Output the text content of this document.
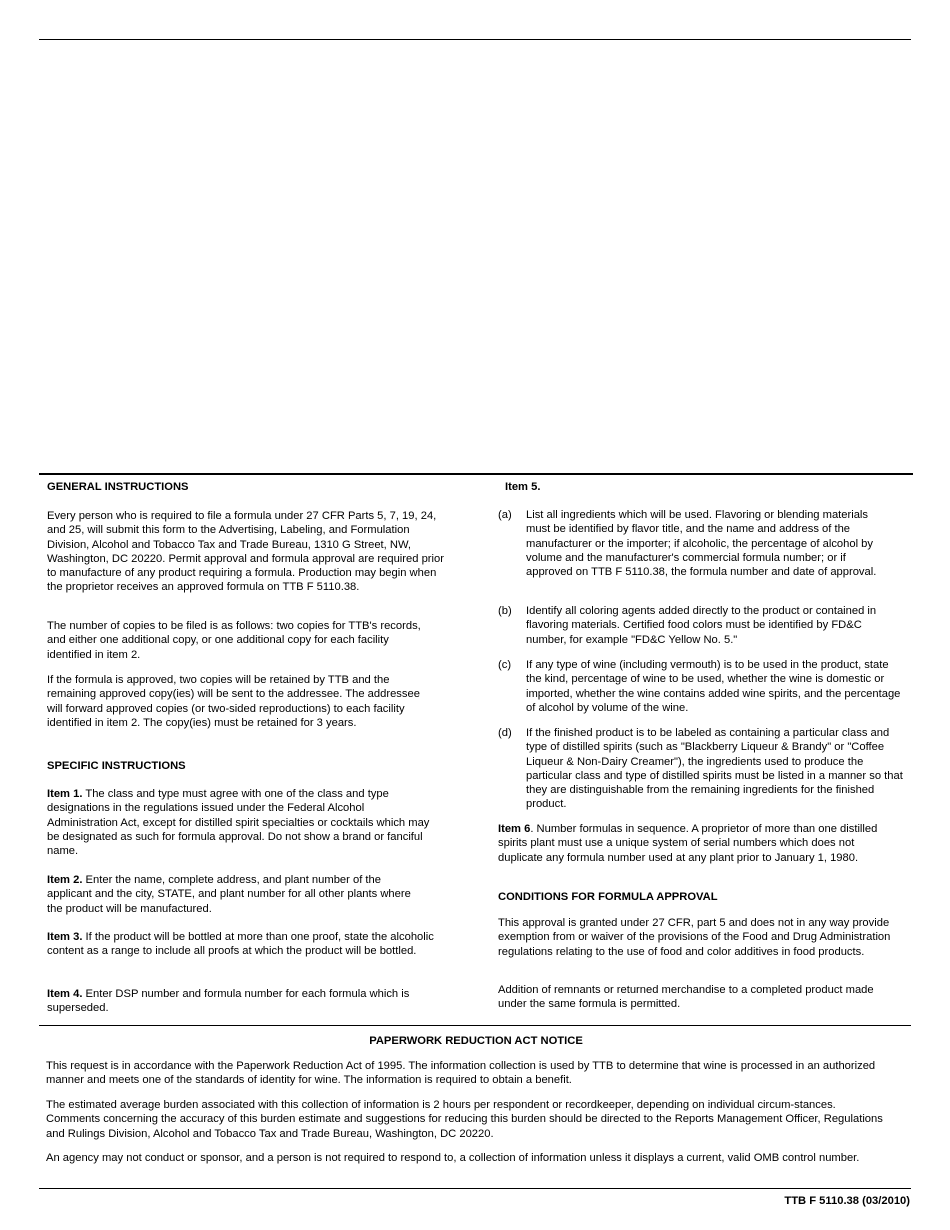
GENERAL INSTRUCTIONS

Every person who is required to file a formula under 27 CFR Parts 5, 7, 19, 24, and 25, will submit this form to the Advertising, Labeling, and Formulation Division, Alcohol and Tobacco Tax and Trade Bureau, 1310 G Street, NW, Washington, DC 20220. Permit approval and formula approval are required prior to manufacture of any product requiring a formula. Production may begin when the proprietor receives an approved formula on TTB F 5110.38.

The number of copies to be filed is as follows: two copies for TTB's records, and either one additional copy, or one additional copy for each facility identified in item 2.

If the formula is approved, two copies will be retained by TTB and the remaining approved copy(ies) will be sent to the addressee. The addressee will forward approved copies (or two-sided reproductions) to each facility identified in item 2. The copy(ies) must be retained for 3 years.

SPECIFIC INSTRUCTIONS

Item 1. The class and type must agree with one of the class and type designations in the regulations issued under the Federal Alcohol Administration Act, except for distilled spirit specialties or cocktails which may be designated as such for formula approval. Do not show a brand or fanciful name.

Item 2. Enter the name, complete address, and plant number of the applicant and the city, STATE, and plant number for all other plants where the product will be manufactured.

Item 3. If the product will be bottled at more than one proof, state the alcoholic content as a range to include all proofs at which the product will be bottled.

Item 4. Enter DSP number and formula number for each formula which is superseded.

Item 5.
(a) List all ingredients which will be used. Flavoring or blending materials must be identified by flavor title, and the name and address of the manufacturer or the importer; if alcoholic, the percentage of alcohol by volume and the manufacturer's commercial formula number; or if approved on TTB F 5110.38, the formula number and date of approval.

(b) Identify all coloring agents added directly to the product or contained in flavoring materials. Certified food colors must be identified by FD&C number, for example "FD&C Yellow No. 5."

(c) If any type of wine (including vermouth) is to be used in the product, state the kind, percentage of wine to be used, whether the wine is domestic or imported, whether the wine contains added wine spirits, and the percentage of alcohol by volume of the wine.

(d) If the finished product is to be labeled as containing a particular class and type of distilled spirits (such as "Blackberry Liqueur & Brandy" or "Coffee Liqueur & Non-Dairy Creamer"), the ingredients used to produce the particular class and type of distilled spirits must be listed in a manner so that they are distinguishable from the remaining ingredients for the finished product.

Item 6. Number formulas in sequence. A proprietor of more than one distilled spirits plant must use a unique system of serial numbers which does not duplicate any formula number used at any plant prior to January 1, 1980.

CONDITIONS FOR FORMULA APPROVAL

This approval is granted under 27 CFR, part 5 and does not in any way provide exemption from or waiver of the provisions of the Food and Drug Administration regulations relating to the use of food and color additives in food products.

Addition of remnants or returned merchandise to a completed product made under the same formula is permitted.

PAPERWORK REDUCTION ACT NOTICE

This request is in accordance with the Paperwork Reduction Act of 1995. The information collection is used by TTB to determine that wine is processed in an authorized manner and meets one of the standards of identity for wine. The information is required to obtain a benefit.

The estimated average burden associated with this collection of information is 2 hours per respondent or recordkeeper, depending on individual circum-stances. Comments concerning the accuracy of this burden estimate and suggestions for reducing this burden should be directed to the Reports Management Officer, Regulations and Rulings Division, Alcohol and Tobacco Tax and Trade Bureau, Washington, DC 20220.

An agency may not conduct or sponsor, and a person is not required to respond to, a collection of information unless it displays a current, valid OMB control number.

TTB F 5110.38 (03/2010)
